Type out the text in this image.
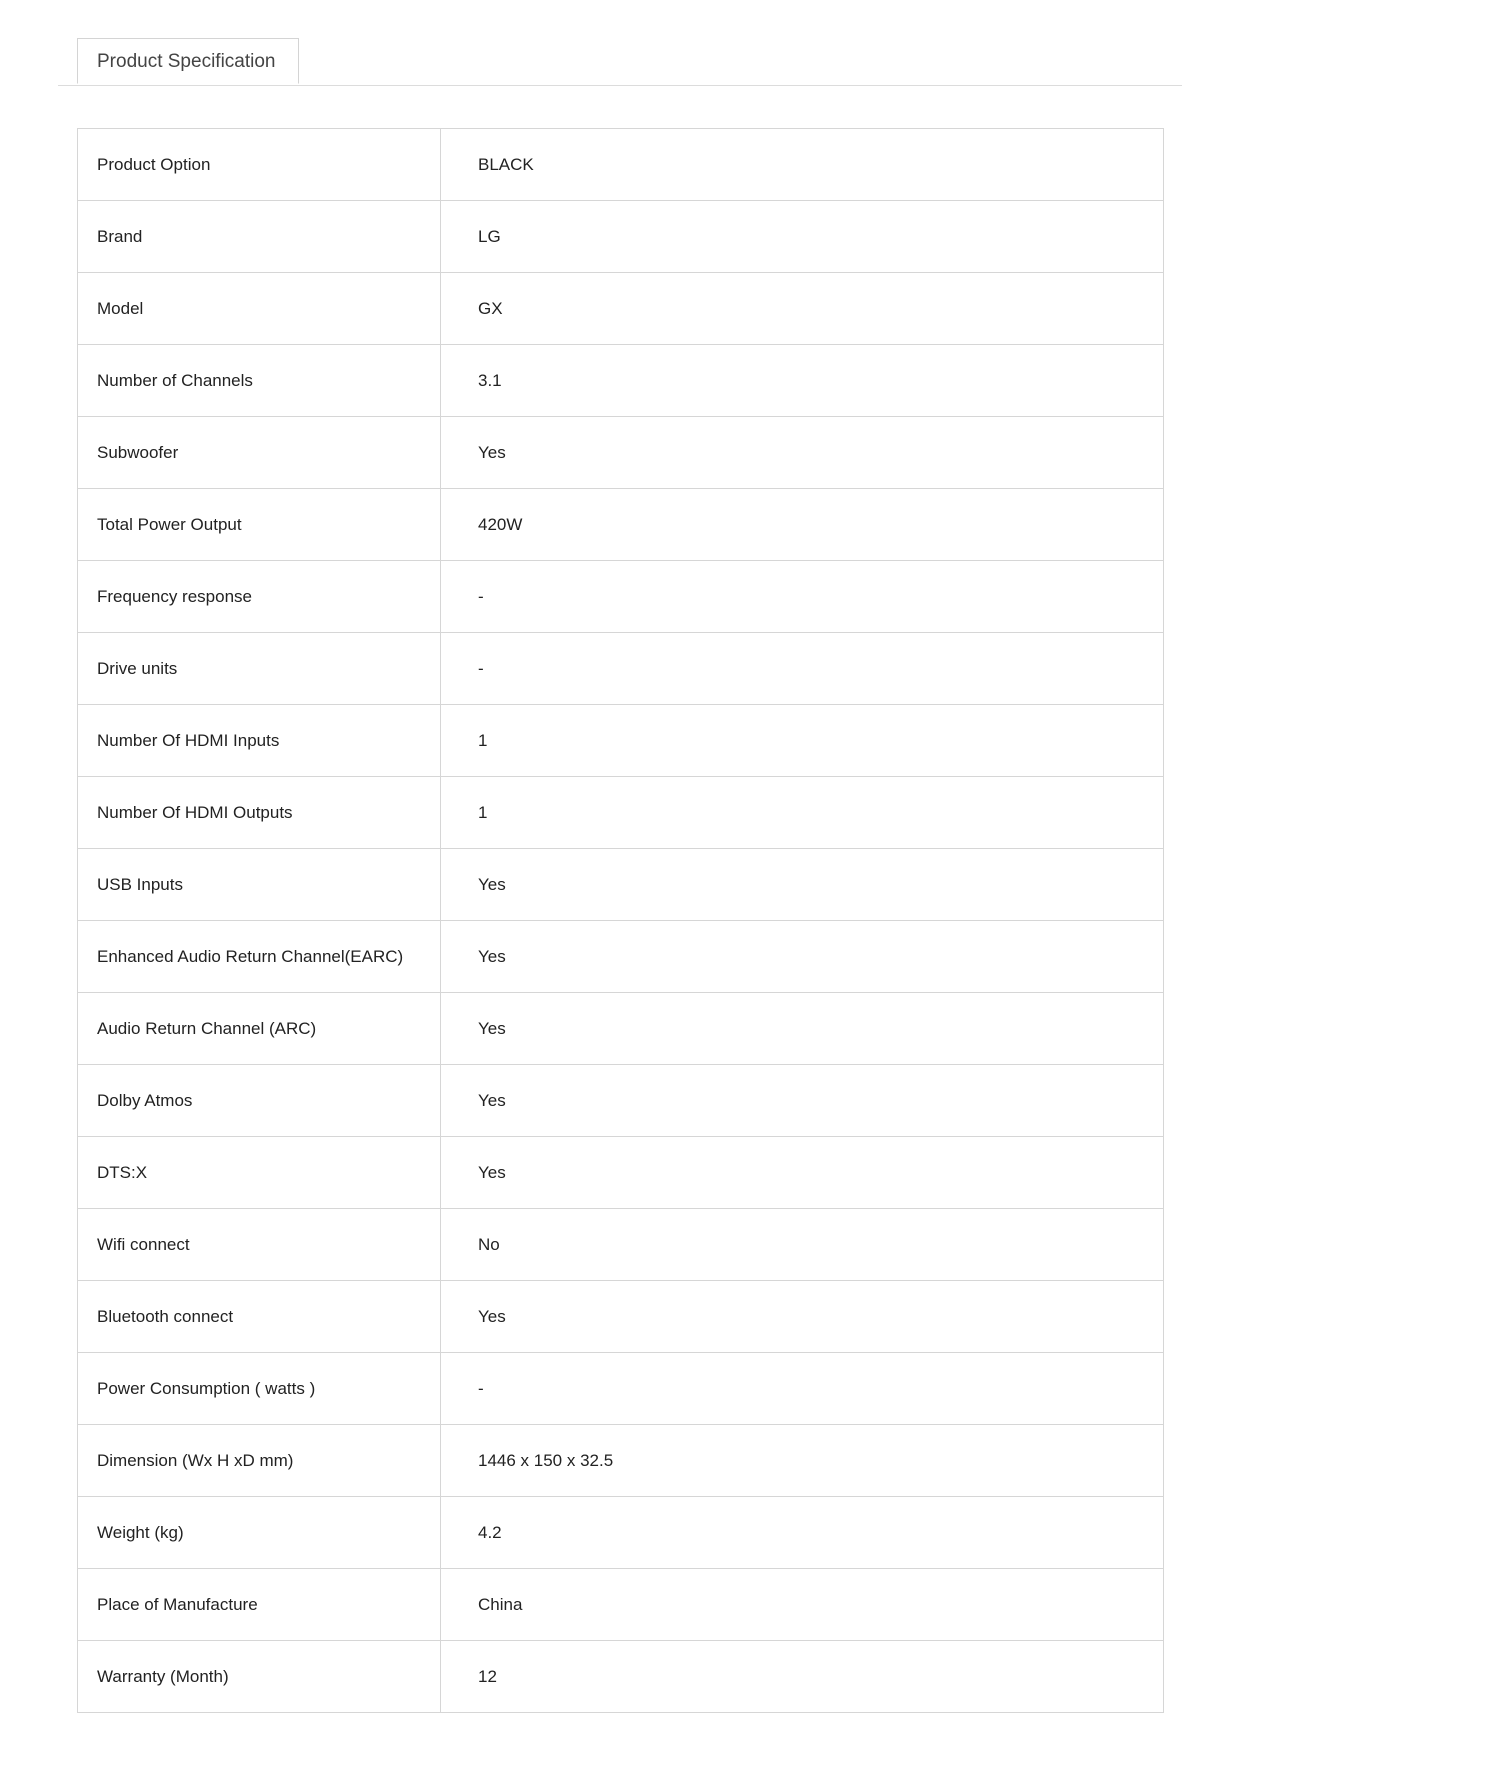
Product Specification
Product Option	BLACK
Brand	LG
Model	GX
Number of Channels	3.1
Subwoofer	Yes
Total Power Output	420W
Frequency response	-
Drive units	-
Number Of HDMI Inputs	1
Number Of HDMI Outputs	1
USB Inputs	Yes
Enhanced Audio Return Channel(EARC)	Yes
Audio Return Channel (ARC)	Yes
Dolby Atmos	Yes
DTS:X	Yes
Wifi connect	No
Bluetooth connect	Yes
Power Consumption ( watts )	-
Dimension (Wx H xD mm)	1446 x 150 x 32.5
Weight (kg)	4.2
Place of Manufacture	China
Warranty (Month)	12
